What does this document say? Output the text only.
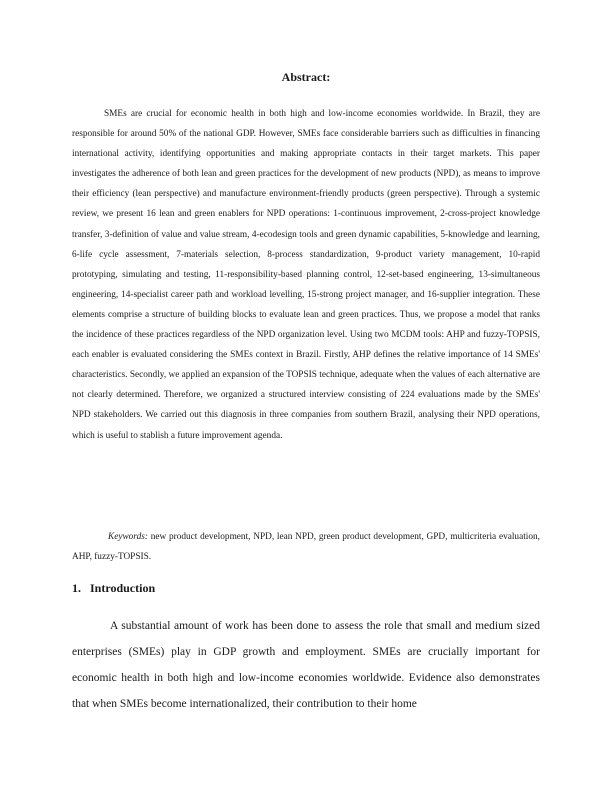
Abstract:

SMEs are crucial for economic health in both high and low-income economies worldwide. In Brazil, they are responsible for around 50% of the national GDP. However, SMEs face considerable barriers such as difficulties in financing international activity, identifying opportunities and making appropriate contacts in their target markets. This paper investigates the adherence of both lean and green practices for the development of new products (NPD), as means to improve their efficiency (lean perspective) and manufacture environment-friendly products (green perspective). Through a systemic review, we present 16 lean and green enablers for NPD operations: 1-continuous improvement, 2-cross-project knowledge transfer, 3-definition of value and value stream, 4-ecodesign tools and green dynamic capabilities, 5-knowledge and learning, 6-life cycle assessment, 7-materials selection, 8-process standardization, 9-product variety management, 10-rapid prototyping, simulating and testing, 11-responsibility-based planning control, 12-set-based engineering, 13-simultaneous engineering, 14-specialist career path and workload levelling, 15-strong project manager, and 16-supplier integration. These elements comprise a structure of building blocks to evaluate lean and green practices. Thus, we propose a model that ranks the incidence of these practices regardless of the NPD organization level. Using two MCDM tools: AHP and fuzzy-TOPSIS, each enabler is evaluated considering the SMEs context in Brazil. Firstly, AHP defines the relative importance of 14 SMEs' characteristics. Secondly, we applied an expansion of the TOPSIS technique, adequate when the values of each alternative are not clearly determined. Therefore, we organized a structured interview consisting of 224 evaluations made by the SMEs' NPD stakeholders. We carried out this diagnosis in three companies from southern Brazil, analysing their NPD operations, which is useful to stablish a future improvement agenda.

Keywords: new product development, NPD, lean NPD, green product development, GPD, multicriteria evaluation, AHP, fuzzy-TOPSIS.

1. Introduction

A substantial amount of work has been done to assess the role that small and medium sized enterprises (SMEs) play in GDP growth and employment. SMEs are crucially important for economic health in both high and low-income economies worldwide. Evidence also demonstrates that when SMEs become internationalized, their contribution to their home
